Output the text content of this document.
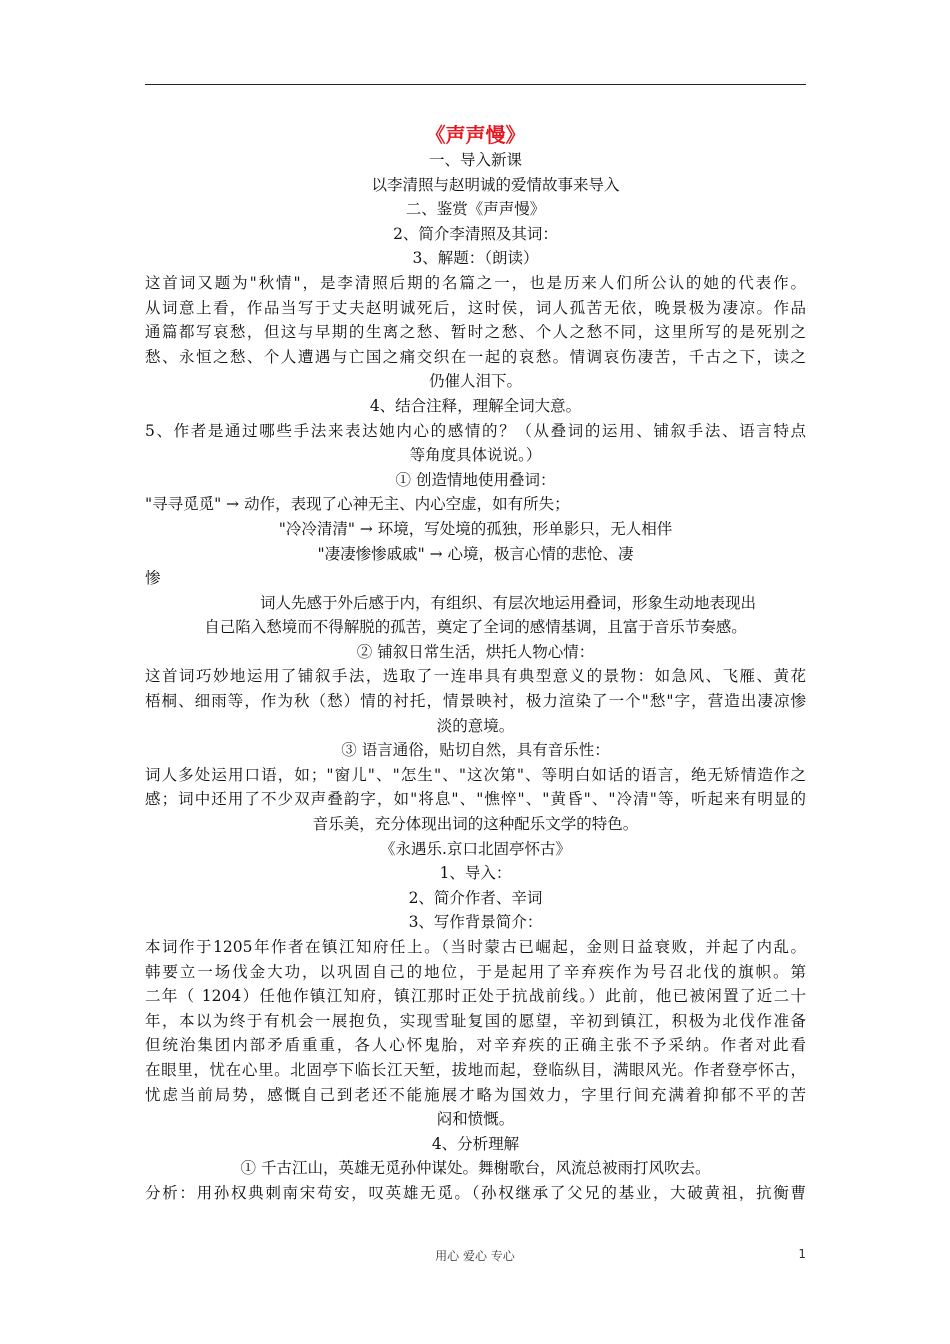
《声声慢》

一、导入新课

以李清照与赵明诚的爱情故事来导入

二、鉴赏《声声慢》

2、简介李清照及其词：

3、解题：（朗读）

这首词又题为"秋情"，是李清照后期的名篇之一，也是历来人们所公认的她的代表作。

从词意上看，作品当写于丈夫赵明诚死后，这时侯，词人孤苦无依，晚景极为凄凉。作品

通篇都写哀愁，但这与早期的生离之愁、暂时之愁、个人之愁不同，这里所写的是死别之

愁、永恒之愁、个人遭遇与亡国之痛交织在一起的哀愁。情调哀伤凄苦，千古之下，读之

仍催人泪下。

4、结合注释，理解全词大意。

5、作者是通过哪些手法来表达她内心的感情的？（从叠词的运用、铺叙手法、语言特点

等角度具体说说。）

① 创造情地使用叠词：

"寻寻觅觅" → 动作，表现了心神无主、内心空虚，如有所失；

"冷冷清清" → 环境，写处境的孤独，形单影只，无人相伴

"凄凄惨惨戚戚" → 心境，极言心情的悲怆、凄

惨

词人先感于外后感于内，有组织、有层次地运用叠词，形象生动地表现出

自己陷入愁境而不得解脱的孤苦，奠定了全词的感情基调，且富于音乐节奏感。

② 铺叙日常生活，烘托人物心情：

这首词巧妙地运用了铺叙手法，选取了一连串具有典型意义的景物：如急风、飞雁、黄花

梧桐、细雨等，作为秋（愁）情的衬托，情景映衬，极力渲染了一个"愁"字，营造出凄凉惨

淡的意境。

③ 语言通俗，贴切自然，具有音乐性：

词人多处运用口语，如；"窗儿"、"怎生"、"这次第"、等明白如话的语言，绝无矫情造作之

感；词中还用了不少双声叠韵字，如"将息"、"憔悴"、"黄昏"、"冷清"等，听起来有明显的

音乐美，充分体现出词的这种配乐文学的特色。

《永遇乐.京口北固亭怀古》

1、导入：

2、简介作者、辛词

3、写作背景简介：

本词作于1205年作者在镇江知府任上。（当时蒙古已崛起，金则日益衰败，并起了内乱。

韩要立一场伐金大功，以巩固自己的地位，于是起用了辛弃疾作为号召北伐的旗帜。第

二年（ 1204）任他作镇江知府，镇江那时正处于抗战前线。）此前，他已被闲置了近二十

年，本以为终于有机会一展抱负，实现雪耻复国的愿望，辛初到镇江，积极为北伐作准备

但统治集团内部矛盾重重，各人心怀鬼胎，对辛弃疾的正确主张不予采纳。作者对此看

在眼里，忧在心里。北固亭下临长江天堑，拔地而起，登临纵目，满眼风光。作者登亭怀古，

忧虑当前局势，感慨自己到老还不能施展才略为国效力，字里行间充满着抑郁不平的苦

闷和愤慨。

4、分析理解

① 千古江山，英雄无觅孙仲谋处。舞榭歌台，风流总被雨打风吹去。

分析：用孙权典刺南宋苟安，叹英雄无觅。（孙权继承了父兄的基业，大破黄祖，抗衡曹

用心 爱心 专心	1
